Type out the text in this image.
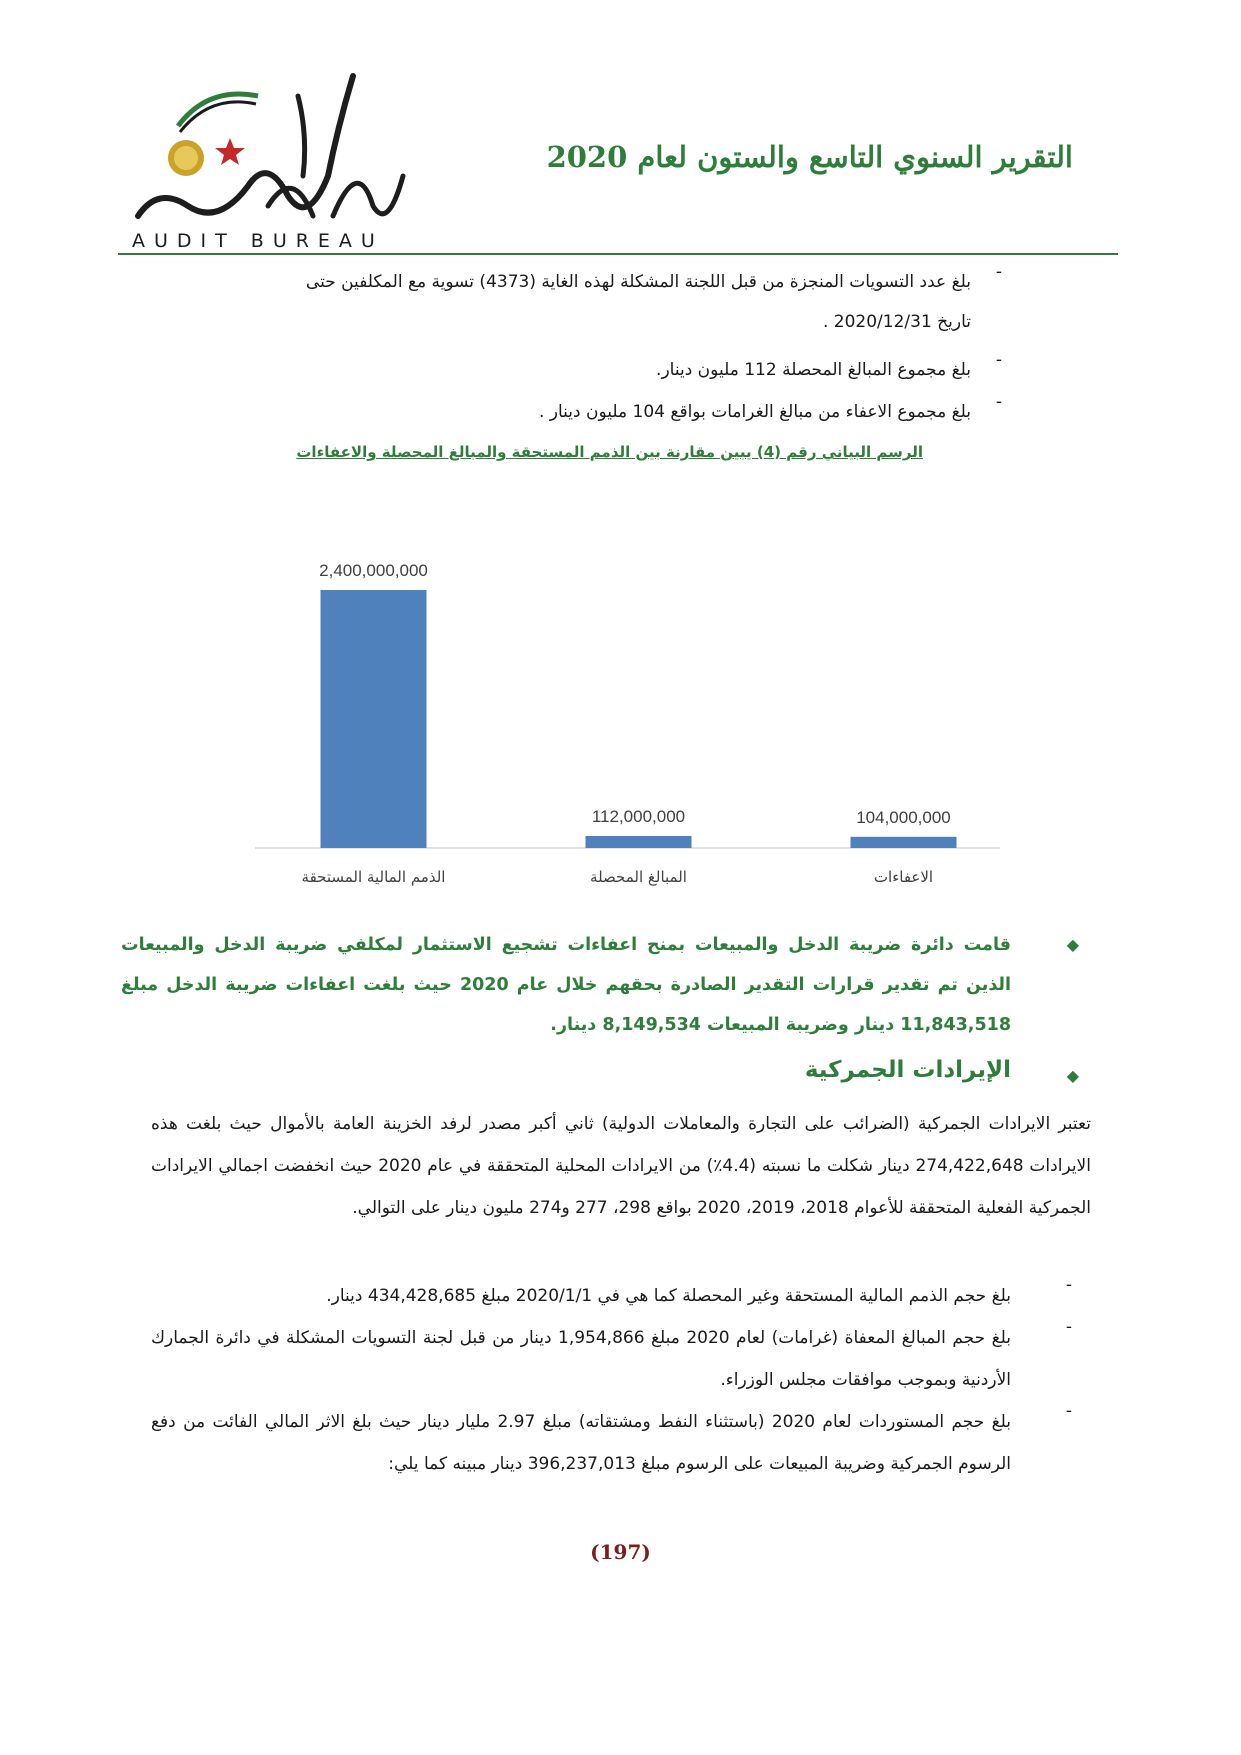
AUDIT BUREAU
التقرير السنوي التاسع والستون لعام 2020
-
بلغ عدد التسويات المنجزة من قبل اللجنة المشكلة لهذه الغاية (4373) تسوية مع المكلفين حتى
تاريخ 2020/12/31 .
-
بلغ مجموع المبالغ المحصلة 112 مليون دينار.
-
بلغ مجموع الاعفاء من مبالغ الغرامات بواقع 104 مليون دينار .
الرسم البياني رقم (4) يبين مقارنة بين الذمم المستحقة والمبالغ المحصلة والاعفاءات
2,400,000,000
الذمم المالية المستحقة
112,000,000
المبالغ المحصلة
104,000,000
الاعفاءات
◆
قامت دائرة ضريبة الدخل والمبيعات بمنح اعفاءات تشجيع الاستثمار لمكلفي ضريبة الدخل والمبيعات الذين تم تقدير قرارات التقدير الصادرة بحقهم خلال عام 2020 حيث بلغت اعفاءات ضريبة الدخل مبلغ 11,843,518 دينار وضريبة المبيعات 8,149,534 دينار.
◆
الإيرادات الجمركية
تعتبر الايرادات الجمركية (الضرائب على التجارة والمعاملات الدولية) ثاني أكبر مصدر لرفد الخزينة العامة بالأموال حيث بلغت هذه الايرادات 274,422,648 دينار شكلت ما نسبته (4.4٪) من الايرادات المحلية المتحققة في عام 2020 حيث انخفضت اجمالي الايرادات الجمركية الفعلية المتحققة للأعوام 2018، 2019، 2020 بواقع 298، 277 و274 مليون دينار على التوالي.
-
بلغ حجم الذمم المالية المستحقة وغير المحصلة كما هي في 2020/1/1 مبلغ 434,428,685 دينار.
-
بلغ حجم المبالغ المعفاة (غرامات) لعام 2020 مبلغ 1,954,866 دينار من قبل لجنة التسويات المشكلة في دائرة الجمارك الأردنية وبموجب موافقات مجلس الوزراء.
-
بلغ حجم المستوردات لعام 2020 (باستثناء النفط ومشتقاته) مبلغ 2.97 مليار دينار حيث بلغ الاثر المالي الفائت من دفع الرسوم الجمركية وضريبة المبيعات على الرسوم مبلغ 396,237,013 دينار مبينه كما يلي:
(197)
